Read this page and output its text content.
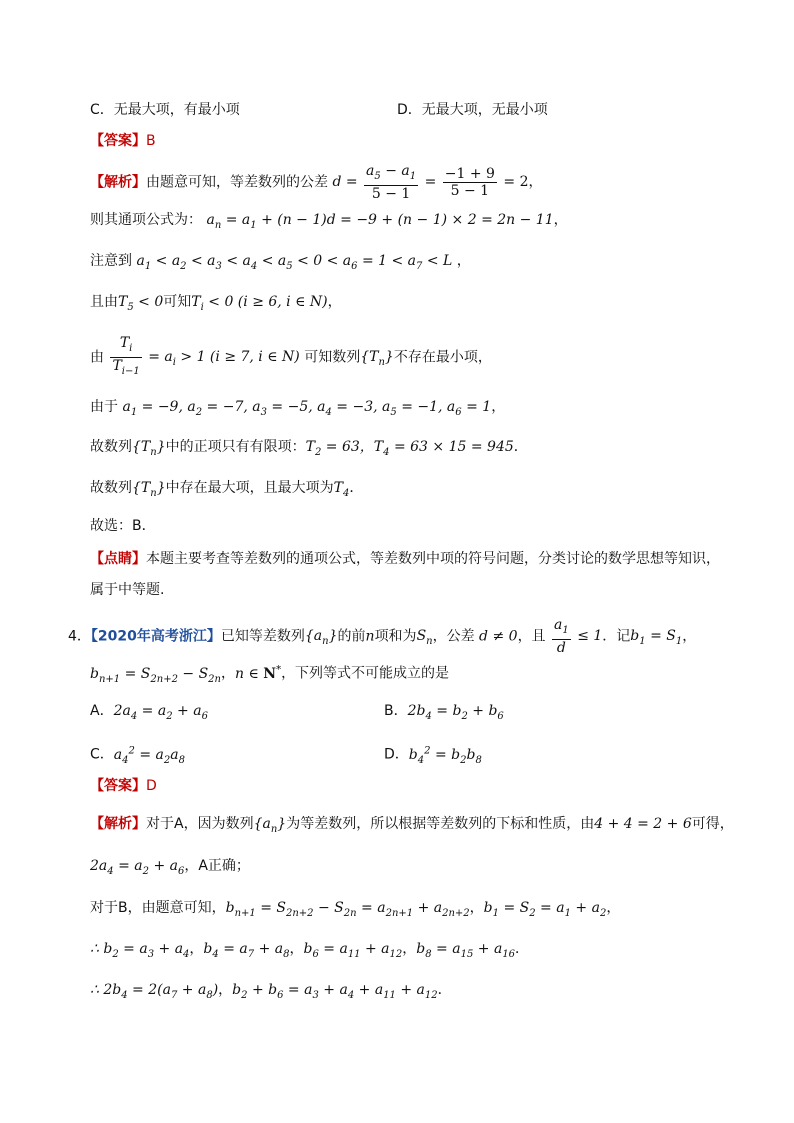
C．无最大项，有最小项	D．无最大项，无最小项
【答案】B
【解析】由题意可知，等差数列的公差 $d = \frac{a_5 - a_1}{5 - 1} = \frac{-1 + 9}{5 - 1} = 2$，
则其通项公式为： $a_n = a_1 + (n - 1)d = -9 + (n - 1) \times 2 = 2n - 11$，
注意到 $a_1 < a_2 < a_3 < a_4 < a_5 < 0 < a_6 = 1 < a_7 < L$ ，
且由$T_5 < 0$可知$T_i < 0$ (i ≥ 6, i ∈ N)，
由 $\frac{T_i}{T_{i-1}} = a_i > 1$ (i ≥ 7, i ∈ N) 可知数列$\{T_n\}$不存在最小项，
由于 $a_1 = -9$, $a_2 = -7$, $a_3 = -5$, $a_4 = -3$, $a_5 = -1$, $a_6 = 1$，
故数列$\{T_n\}$中的正项只有有限项：$T_2 = 63$，$T_4 = 63 \times 15 = 945$．
故数列$\{T_n\}$中存在最大项，且最大项为$T_4$．
故选：B．
【点睛】本题主要考查等差数列的通项公式，等差数列中项的符号问题，分类讨论的数学思想等知识，
属于中等题.
4．【2020年高考浙江】已知等差数列$\{a_n\}$的前n项和为$S_n$，公差 d ≠ 0，且 $\frac{a_1}{d} \le 1$．记$b_1 = S_1$，
$b_{n+1} = S_{2n+2} - S_{2n}$，n ∈ N*，下列等式不可能成立的是
A．$2a_4 = a_2 + a_6$	B．$2b_4 = b_2 + b_6$
C．$a_4^2 = a_2a_8$	D．$b_4^2 = b_2b_8$
【答案】D
【解析】对于A，因为数列$\{a_n\}$为等差数列，所以根据等差数列的下标和性质，由4 + 4 = 2 + 6可得，
$2a_4 = a_2 + a_6$，A正确；
对于B，由题意可知，$b_{n+1} = S_{2n+2} - S_{2n} = a_{2n+1} + a_{2n+2}$，$b_1 = S_2 = a_1 + a_2$，
∴ $b_2 = a_3 + a_4$，$b_4 = a_7 + a_8$，$b_6 = a_{11} + a_{12}$，$b_8 = a_{15} + a_{16}$．
∴ $2b_4 = 2(a_7 + a_8)$，$b_2 + b_6 = a_3 + a_4 + a_{11} + a_{12}$．
